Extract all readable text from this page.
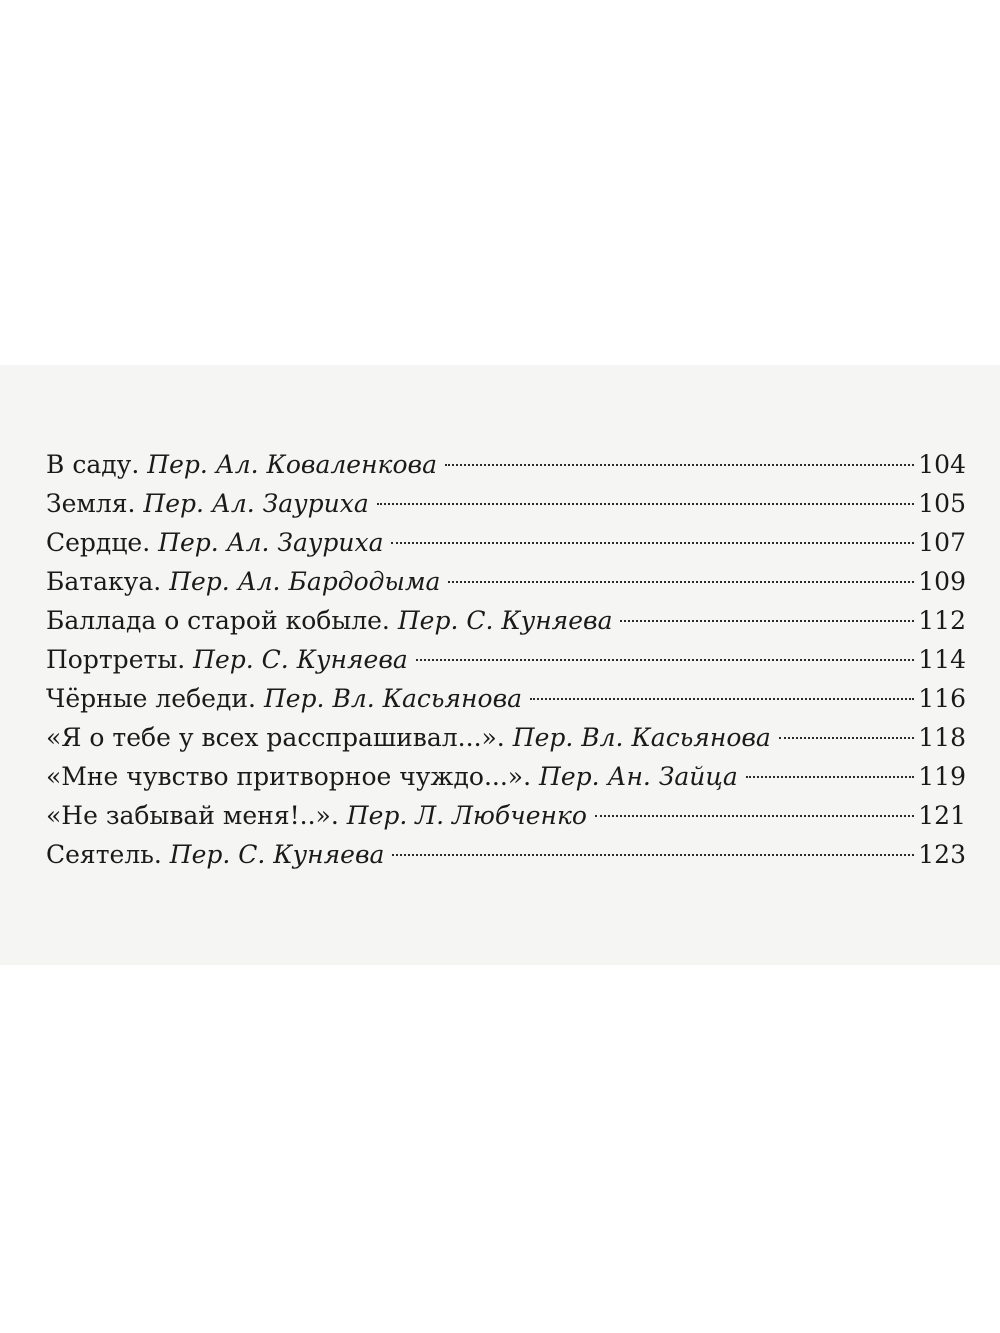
В саду. Пер. Ал. Коваленкова	104
Земля. Пер. Ал. Зауриха	105
Сердце. Пер. Ал. Зауриха	107
Батакуа. Пер. Ал. Бардодыма	109
Баллада о старой кобыле. Пер. С. Куняева	112
Портреты. Пер. С. Куняева	114
Чёрные лебеди. Пер. Вл. Касьянова	116
«Я о тебе у всех расспрашивал...». Пер. Вл. Касьянова	118
«Мне чувство притворное чуждо...». Пер. Ан. Зайца	119
«Не забывай меня!..». Пер. Л. Любченко	121
Сеятель. Пер. С. Куняева	123
